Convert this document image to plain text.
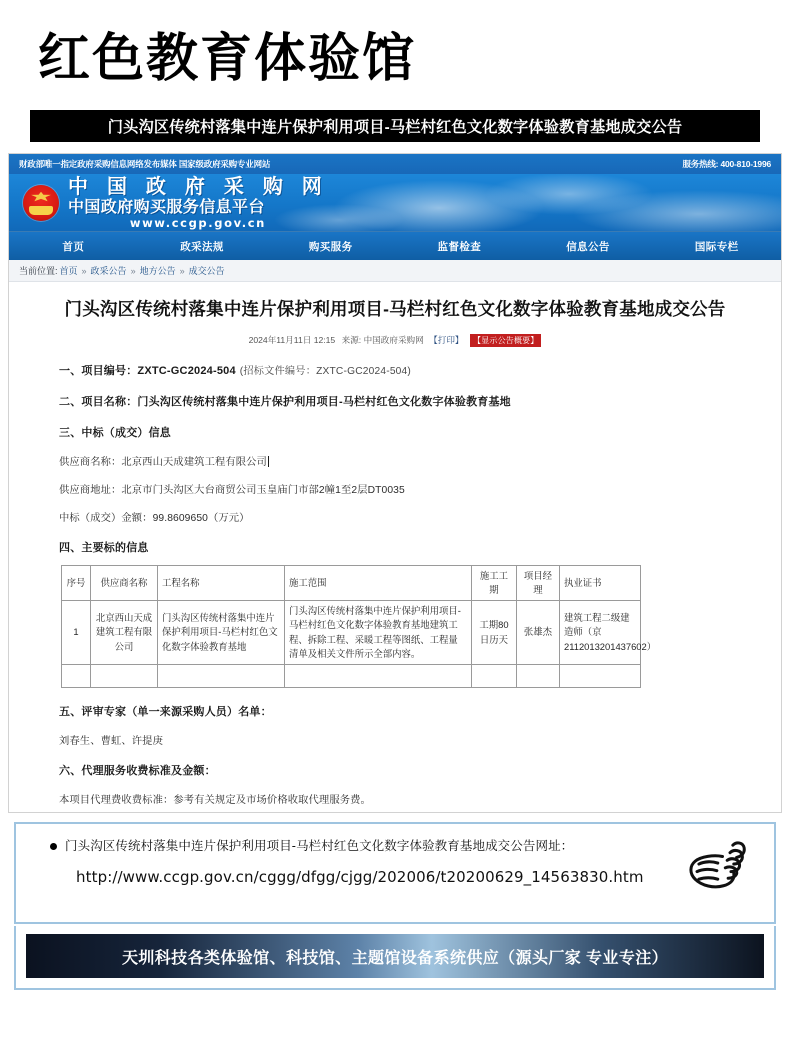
红色教育体验馆
门头沟区传统村落集中连片保护利用项目-马栏村红色文化数字体验教育基地成交公告
财政部唯一指定政府采购信息网络发布媒体 国家级政府采购专业网站	服务热线: 400-810-1996
中 国 政 府 采 购 网
中国政府购买服务信息平台
www.ccgp.gov.cn
首页	政采法规	购买服务	监督检查	信息公告	国际专栏
当前位置: 首页 » 政采公告 » 地方公告 » 成交公告
门头沟区传统村落集中连片保护利用项目-马栏村红色文化数字体验教育基地成交公告
2024年11月11日 12:15 来源: 中国政府采购网 【打印】 【显示公告概要】
一、项目编号：ZXTC-GC2024-504 (招标文件编号：ZXTC-GC2024-504)
二、项目名称：门头沟区传统村落集中连片保护利用项目-马栏村红色文化数字体验教育基地
三、中标（成交）信息
供应商名称：北京西山天成建筑工程有限公司
供应商地址：北京市门头沟区大台商贸公司玉皇庙门市部2幢1至2层DT0035
中标（成交）金额：99.8609650（万元）
四、主要标的信息
序号	供应商名称	工程名称	施工范围	施工工期	项目经理	执业证书
1	北京西山天成建筑工程有限公司	门头沟区传统村落集中连片保护利用项目-马栏村红色文化数字体验教育基地	门头沟区传统村落集中连片保护利用项目-马栏村红色文化数字体验教育基地建筑工程、拆除工程、采暖工程等图纸、工程量清单及相关文件所示全部内容。	工期80日历天	张雄杰	建筑工程二级建造师（京2112013201437602）

五、评审专家（单一来源采购人员）名单：
刘春生、曹虹、许提庚
六、代理服务收费标准及金额：
本项目代理费收费标准：参考有关规定及市场价格收取代理服务费。
门头沟区传统村落集中连片保护利用项目-马栏村红色文化数字体验教育基地成交公告网址：
http://www.ccgp.gov.cn/cggg/dfgg/cjgg/202006/t20200629_14563830.htm
天圳科技各类体验馆、科技馆、主题馆设备系统供应（源头厂家 专业专注）
